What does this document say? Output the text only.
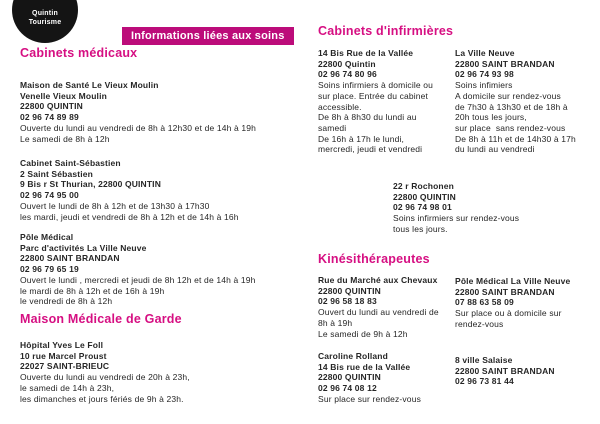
Quintin
Tourisme
Informations liées aux soins
Cabinets médicaux
Maison de Santé Le Vieux Moulin
Venelle Vieux Moulin
22800 QUINTIN
02 96 74 89 89
Ouverte du lundi au vendredi de 8h à 12h30 et de 14h à 19h
Le samedi de 8h à 12h
Cabinet Saint-Sébastien
2 Saint Sébastien
9 Bis r St Thurian, 22800 QUINTIN
02 96 74 95 00
Ouvert le lundi de 8h à 12h et de 13h30 à 17h30
les mardi, jeudi et vendredi de 8h à 12h et de 14h à 16h
Pôle Médical
Parc d'activités La Ville Neuve
22800 SAINT BRANDAN
02 96 79 65 19
Ouvert le lundi , mercredi et jeudi de 8h 12h et de 14h à 19h
le mardi de 8h à 12h et de 16h à 19h
le vendredi de 8h à 12h
Maison Médicale de Garde
Hôpital Yves Le Foll
10 rue Marcel Proust
22027 SAINT-BRIEUC
Ouverte du lundi au vendredi de 20h à 23h,
le samedi de 14h à 23h,
les dimanches et jours fériés de 9h à 23h.
Cabinets d'infirmières
14 Bis Rue de la Vallée
22800 Quintin
02 96 74 80 96
Soins infirmiers à domicile ou
sur place. Entrée du cabinet
accessible.
De 8h à 8h30 du lundi au
samedi
De 16h à 17h le lundi,
mercredi, jeudi et vendredi
22 r Rochonen
22800 QUINTIN
02 96 74 98 01
Soins infirmiers sur rendez-vous
tous les jours.
Kinésithérapeutes
Rue du Marché aux Chevaux
22800 QUINTIN
02 96 58 18 83
Ouvert du lundi au vendredi de
8h à 19h
Le samedi de 9h à 12h
Caroline Rolland
14 Bis rue de la Vallée
22800 QUINTIN
02 96 74 08 12
Sur place sur rendez-vous
La Ville Neuve
22800 SAINT BRANDAN
02 96 74 93 98
Soins infimiers
A domicile sur rendez-vous
de 7h30 à 13h30 et de 18h à
20h tous les jours,
sur place  sans rendez-vous
De 8h à 11h et de 14h30 à 17h
du lundi au vendredi
Pôle Médical La Ville Neuve
22800 SAINT BRANDAN
07 88 63 58 09
Sur place ou à domicile sur
rendez-vous
8 ville Salaise
22800 SAINT BRANDAN
02 96 73 81 44
